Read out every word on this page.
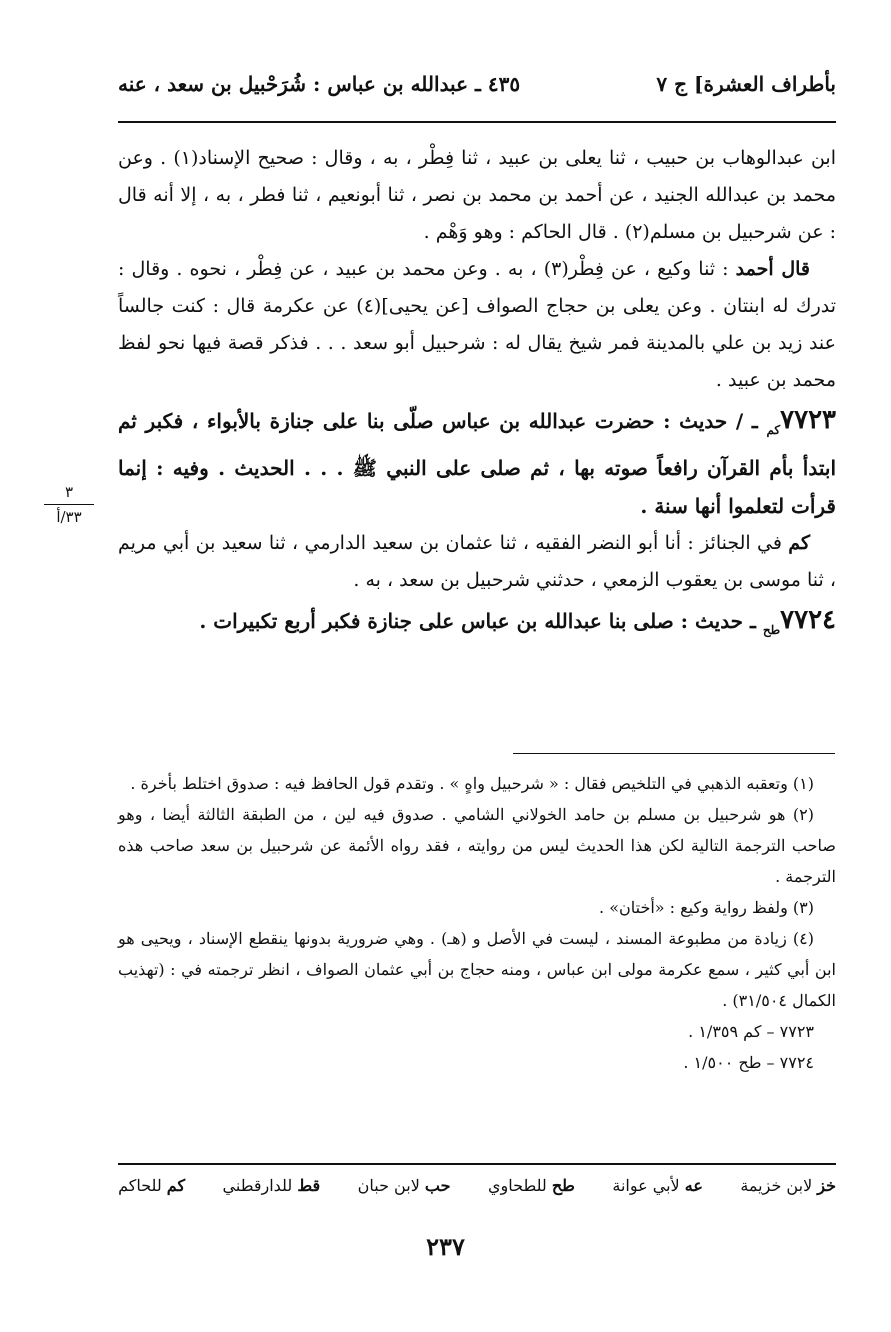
بأطراف العشرة] ج ٧
٤٣٥ ـ عبدالله بن عباس : شُرَحْبيل بن سعد ، عنه

ابن عبدالوهاب بن حبيب ، ثنا يعلى بن عبيد ، ثنا فِطْر ، به ، وقال : صحيح الإسناد(١) . وعن محمد بن عبدالله الجنيد ، عن أحمد بن محمد بن نصر ، ثنا أبونعيم ، ثنا فطر ، به ، إلا أنه قال : عن شرحبيل بن مسلم(٢) . قال الحاكم : وهو وَهْم .

قال أحمد : ثنا وكيع ، عن فِطْر(٣) ، به . وعن محمد بن عبيد ، عن فِطْر ، نحوه . وقال : تدرك له ابنتان . وعن يعلى بن حجاج الصواف [عن يحيى](٤) عن عكرمة قال : كنت جالساً عند زيد بن علي بالمدينة فمر شيخ يقال له : شرحبيل أبو سعد . . . فذكر قصة فيها نحو لفظ محمد بن عبيد .

$٧٧٢٣_{كم}$ ـ / حديث : حضرت عبدالله بن عباس صلّى بنا على جنازة بالأبواء ، فكبر ثم ابتدأ بأم القرآن رافعاً صوته بها ، ثم صلى على النبي ﷺ . . . الحديث . وفيه : إنما قرأت لتعلموا أنها سنة .

كم في الجنائز : أنا أبو النضر الفقيه ، ثنا عثمان بن سعيد الدارمي ، ثنا سعيد بن أبي مريم ، ثنا موسى بن يعقوب الزمعي ، حدثني شرحبيل بن سعد ، به .

$٧٧٢٤_{طح}$ ـ حديث : صلى بنا عبدالله بن عباس على جنازة فكبر أربع تكبيرات .

٣
٣٣/أ

(١) وتعقبه الذهبي في التلخيص فقال : « شرحبيل واهٍ » . وتقدم قول الحافظ فيه : صدوق اختلط بأخرة .

(٢) هو شرحبيل بن مسلم بن حامد الخولاني الشامي . صدوق فيه لين ، من الطبقة الثالثة أيضا ، وهو صاحب الترجمة التالية لكن هذا الحديث ليس من روايته ، فقد رواه الأئمة عن شرحبيل بن سعد صاحب هذه الترجمة .

(٣) ولفظ رواية وكيع : «أختان» .

(٤) زيادة من مطبوعة المسند ، ليست في الأصل و (هـ) . وهي ضرورية بدونها ينقطع الإسناد ، ويحيى هو ابن أبي كثير ، سمع عكرمة مولى ابن عباس ، ومنه حجاج بن أبي عثمان الصواف ، انظر ترجمته في : (تهذيب الكمال ٣١/٥٠٤) .

٧٧٢٣ – كم ١/٣٥٩ .

٧٧٢٤ – طح ١/٥٠٠ .

خز لابن خزيمة
عه لأبي عوانة
طح للطحاوي
حب لابن حبان
قط للدارقطني
كم للحاكم
٢٣٧
